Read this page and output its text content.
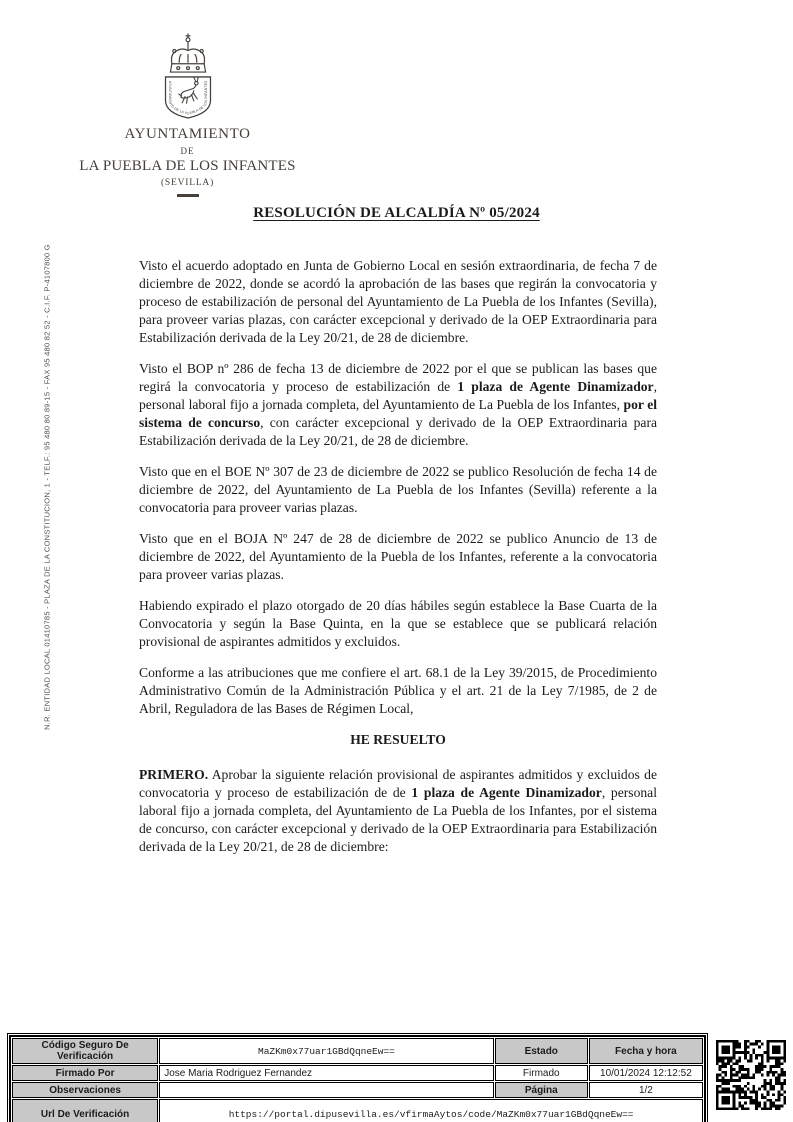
N.R. ENTIDAD LOCAL 01410785 - PLAZA DE LA CONSTITUCION, 1 - TELF.: 95 480 80 89-15 - FAX 95 480 82 52 - C.I.F. P-4107800 G
AYUNTAMIENTO DE LA PUEBLA DE LOS INFANTES
AYUNTAMIENTO
DE
LA PUEBLA DE LOS INFANTES
(SEVILLA)
RESOLUCIÓN DE ALCALDÍA Nº 05/2024

Visto el acuerdo adoptado en Junta de Gobierno Local en sesión extraordinaria, de fecha 7 de diciembre de 2022, donde se acordó la aprobación de las bases que regirán la convocatoria y proceso de estabilización de personal del Ayuntamiento de La Puebla de los Infantes (Sevilla), para proveer varias plazas, con carácter excepcional y derivado de la OEP Extraordinaria para Estabilización derivada de la Ley 20/21, de 28 de diciembre.

Visto el BOP nº 286 de fecha 13 de diciembre de 2022 por el que se publican las bases que regirá la convocatoria y proceso de estabilización de 1 plaza de Agente Dinamizador, personal laboral fijo a jornada completa, del Ayuntamiento de La Puebla de los Infantes, por el sistema de concurso, con carácter excepcional y derivado de la OEP Extraordinaria para Estabilización derivada de la Ley 20/21, de 28 de diciembre.

Visto que en el BOE Nº 307 de 23 de diciembre de 2022 se publico Resolución de fecha 14 de diciembre de 2022, del Ayuntamiento de La Puebla de los Infantes (Sevilla) referente a la convocatoria para proveer varias plazas.

Visto que en el BOJA Nº 247 de 28 de diciembre de 2022 se publico Anuncio de 13 de diciembre de 2022, del Ayuntamiento de la Puebla de los Infantes, referente a la convocatoria para proveer varias plazas.

Habiendo expirado el plazo otorgado de 20 días hábiles según establece la Base Cuarta de la Convocatoria y según la Base Quinta, en la que se establece que se publicará relación provisional de aspirantes admitidos y excluidos.

Conforme a las atribuciones que me confiere el art. 68.1 de la Ley 39/2015, de Procedimiento Administrativo Común de la Administración Pública y el art. 21 de la Ley 7/1985, de 2 de Abril, Reguladora de las Bases de Régimen Local,

HE RESUELTO

PRIMERO. Aprobar la siguiente relación provisional de aspirantes admitidos y excluidos de convocatoria y proceso de estabilización de de 1 plaza de Agente Dinamizador, personal laboral fijo a jornada completa, del Ayuntamiento de La Puebla de los Infantes, por el sistema de concurso, con carácter excepcional y derivado de la OEP Extraordinaria para Estabilización derivada de la Ley 20/21, de 28 de diciembre:

Código Seguro De Verificación	MaZKm0x77uar1GBdQqneEw==	Estado	Fecha y hora
Firmado Por	Jose Maria Rodriguez Fernandez	Firmado	10/01/2024 12:12:52
Observaciones		Página	1/2
Url De Verificación	https://portal.dipusevilla.es/vfirmaAytos/code/MaZKm0x77uar1GBdQqneEw==		
